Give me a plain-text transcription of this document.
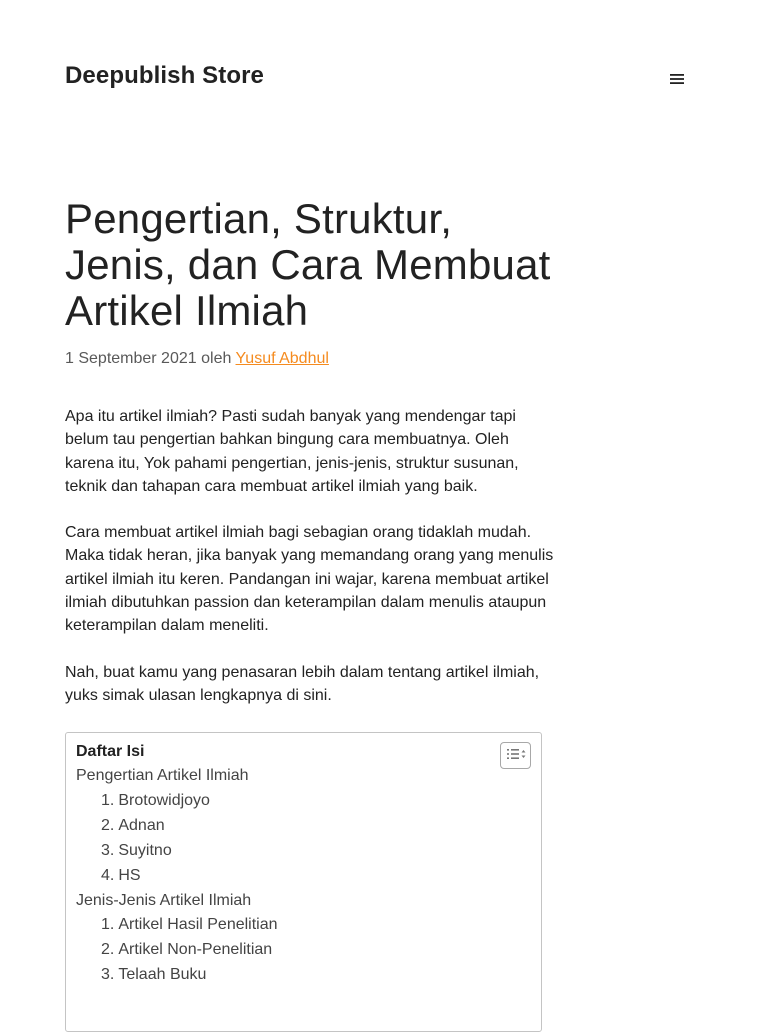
Deepublish Store
Pengertian, Struktur, Jenis, dan Cara Membuat Artikel Ilmiah
1 September 2021 oleh Yusuf Abdhul

Apa itu artikel ilmiah? Pasti sudah banyak yang mendengar tapi belum tau pengertian bahkan bingung cara membuatnya. Oleh karena itu, Yok pahami pengertian, jenis-jenis, struktur susunan, teknik dan tahapan cara membuat artikel ilmiah yang baik.

Cara membuat artikel ilmiah bagi sebagian orang tidaklah mudah. Maka tidak heran, jika banyak yang memandang orang yang menulis artikel ilmiah itu keren. Pandangan ini wajar, karena membuat artikel ilmiah dibutuhkan passion dan keterampilan dalam menulis ataupun keterampilan dalam meneliti.

Nah, buat kamu yang penasaran lebih dalam tentang artikel ilmiah, yuks simak ulasan lengkapnya di sini.

Daftar Isi
Pengertian Artikel Ilmiah
1. Brotowidjoyo
2. Adnan
3. Suyitno
4. HS
Jenis-Jenis Artikel Ilmiah
1. Artikel Hasil Penelitian
2. Artikel Non-Penelitian
3. Telaah Buku
